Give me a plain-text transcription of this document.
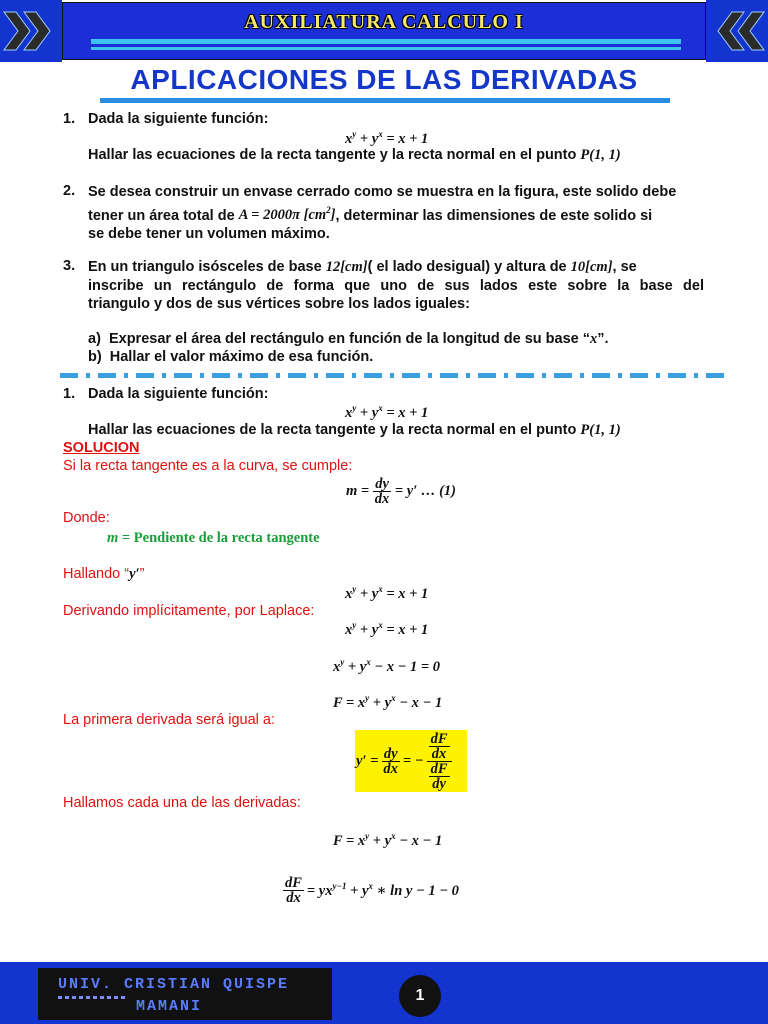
AUXILIATURA CALCULO I
APLICACIONES DE LAS DERIVADAS
1. Dada la siguiente función:
$x^y + y^x = x + 1$
Hallar las ecuaciones de la recta tangente y la recta normal en el punto P(1, 1)
2. Se desea construir un envase cerrado como se muestra en la figura, este solido debe
tener un área total de A = 2000π $[cm^2]$, determinar las dimensiones de este solido si
se debe tener un volumen máximo.
3. En un triangulo isósceles de base 12[cm]( el lado desigual) y altura de 10[cm], se
inscribe un rectángulo de forma que uno de sus lados este sobre la base del
triangulo y dos de sus vértices sobre los lados iguales:
a) Expresar el área del rectángulo en función de la longitud de su base “x”.
b) Hallar el valor máximo de esa función.
1. Dada la siguiente función:
$x^y + y^x = x + 1$
Hallar las ecuaciones de la recta tangente y la recta normal en el punto P(1, 1)
SOLUCION
Si la recta tangente es a la curva, se cumple:
$m = \frac{dy}{dx} = y'$ … (1)
Donde:
m = Pendiente de la recta tangente
Hallando “y′”
$x^y + y^x = x + 1$
Derivando implícitamente, por Laplace:
$x^y + y^x = x + 1$
$x^y + y^x - x - 1 = 0$
$F = x^y + y^x - x - 1$
La primera derivada será igual a:
$y' = \frac{dy}{dx}$ = − $\frac{\frac{dF}{dx}}{\frac{dF}{dy}}$
Hallamos cada una de las derivadas:
$F = x^y + y^x - x - 1$
$\frac{dF}{dx} = yx^{y-1} + y^x$ ∗ ln y − 1 − 0
UNIV. CRISTIAN QUISPE
MAMANI
1
